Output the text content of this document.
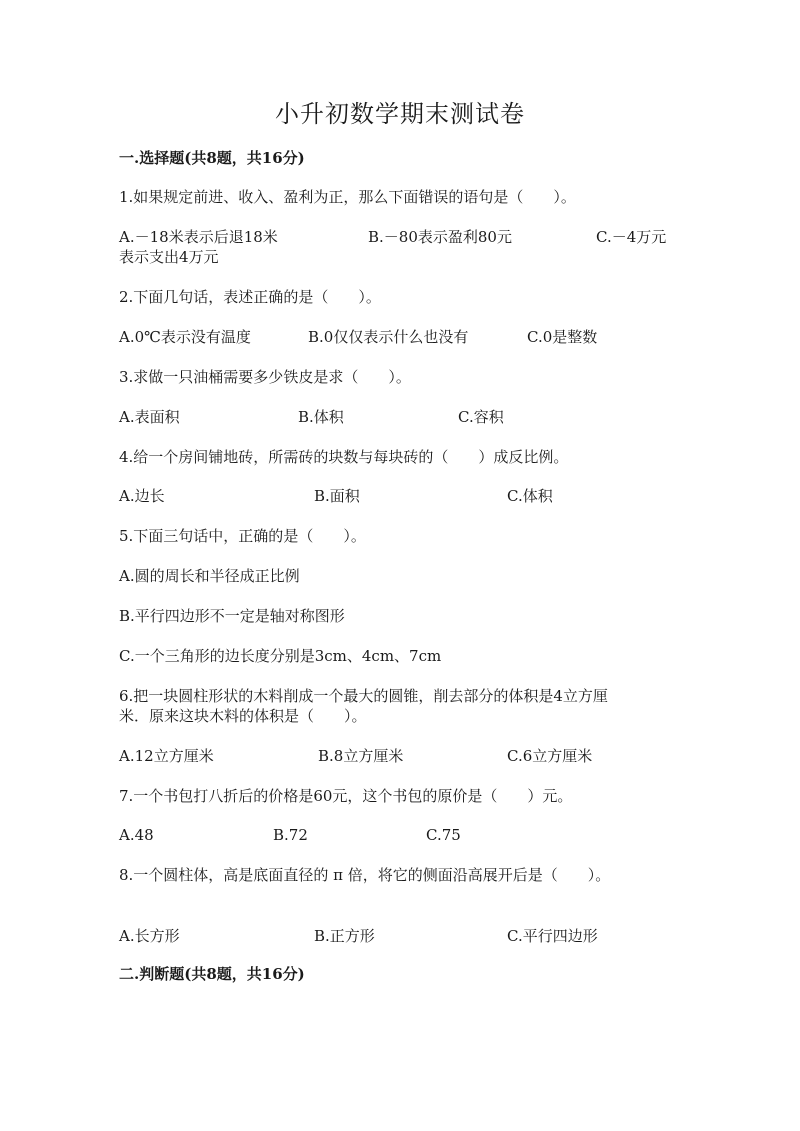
小升初数学期末测试卷
一.选择题(共8题，共16分)
1.如果规定前进、收入、盈利为正，那么下面错误的语句是（　　）。
A.－18米表示后退18米	B.－80表示盈利80元	C.－4万元
表示支出4万元
2.下面几句话，表述正确的是（　　）。
A.0℃表示没有温度	B.0仅仅表示什么也没有	C.0是整数
3.求做一只油桶需要多少铁皮是求（　　）。
A.表面积	B.体积	C.容积
4.给一个房间铺地砖，所需砖的块数与每块砖的（　　）成反比例。
A.边长	B.面积	C.体积
5.下面三句话中，正确的是（　　）。
A.圆的周长和半径成正比例
B.平行四边形不一定是轴对称图形
C.一个三角形的边长度分别是3cm、4cm、7cm
6.把一块圆柱形状的木料削成一个最大的圆锥，削去部分的体积是4立方厘
米．原来这块木料的体积是（　　）。
A.12立方厘米	B.8立方厘米	C.6立方厘米
7.一个书包打八折后的价格是60元，这个书包的原价是（　　）元。
A.48	B.72	C.75
8.一个圆柱体，高是底面直径的 π 倍，将它的侧面沿高展开后是（　　）。
A.长方形	B.正方形	C.平行四边形
二.判断题(共8题，共16分)
